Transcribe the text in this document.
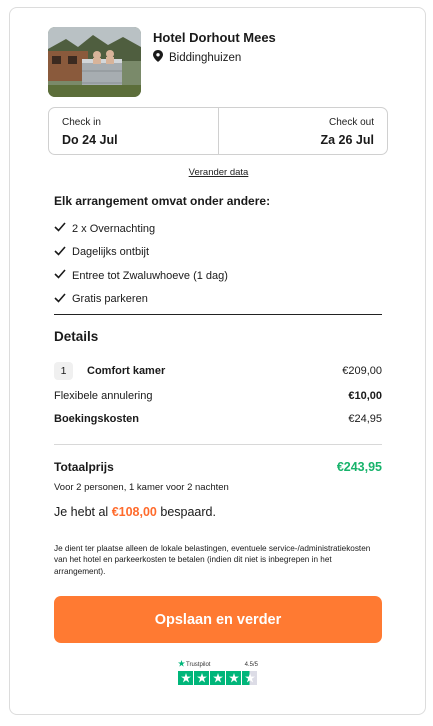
Hotel Dorhout Mees
Biddinghuizen
Check in
Do 24 Jul
Check out
Za 26 Jul
Verander data
Elk arrangement omvat onder andere:
2 x Overnachting
Dagelijks ontbijt
Entree tot Zwaluwhoeve (1 dag)
Gratis parkeren
Details
1	Comfort kamer	€209,00
Flexibele annulering	€10,00
Boekingskosten	€24,95
Totaalprijs	€243,95
Voor 2 personen, 1 kamer voor 2 nachten
Je hebt al €108,00 bespaard.
Je dient ter plaatse alleen de lokale belastingen, eventuele service-/administratiekosten van het hotel en parkeerkosten te betalen (indien dit niet is inbegrepen in het arrangement).
Opslaan en verder
Trustpilot	4.5/5
